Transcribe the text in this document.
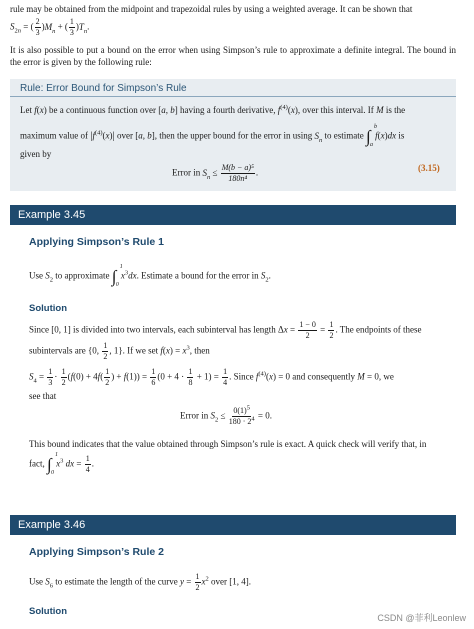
rule may be obtained from the midpoint and trapezoidal rules by using a weighted average. It can be shown that
$S_{2n}$ = ( $\frac{2}{3} )M_n$ + ( $\frac{1}{3} )T_n$.
It is also possible to put a bound on the error when using Simpson’s rule to approximate a definite integral. The bound in the error is given by the following rule:
Rule: Error Bound for Simpson’s Rule
Let f(x) be a continuous function over [a, b] having a fourth derivative, $f^{(4)}(x)$, over this interval. If M is the
maximum value of $|f^{(4)}(x)|$ over [a, b], then the upper bound for the error in using $S_n$ to estimate ∫ b
a
f(x)dx is
given by
Error in $S_n \le \frac{\text{M(b − a)⁵}}{\text{180n⁴}}$ .	(3.15)
Example 3.45
Applying Simpson’s Rule 1
Use $S_2$ to approximate ∫ 1
0
$x^3dx$. Estimate a bound for the error in $S_2$.
Solution
Since [0, 1] is divided into two intervals, each subinterval has length $\Delta x = \frac{1 - 0}{2} = \frac{1}{2}$ . The endpoints of these
subintervals are {0, $\frac{1}{2}$ , 1}. If we set $f(x) = x^3$, then
$S_4 = \frac{1}{3} \cdot \frac{1}{2} (f(0) + 4f( \frac{1}{2}$ ) + $f(1)) = \frac{1}{6} (0 + 4 \cdot \frac{1}{8} + 1) = \frac{1}{4}$ . Since $f^{(4)}(x) = 0$ and consequently M = 0, we
see that
Error in $S_2 \le \frac{0(1)^5}{180 \cdot 2^4} = 0$.
This bound indicates that the value obtained through Simpson’s rule is exact. A quick check will verify that, in
fact, ∫ 1
0
$x^3$ dx = $\frac{1}{4}$ .
Example 3.46
Applying Simpson’s Rule 2
Use $S_6$ to estimate the length of the curve $y = \frac{1}{2} x^2$ over [1, 4].
Solution
CSDN @菲利Leonlew
